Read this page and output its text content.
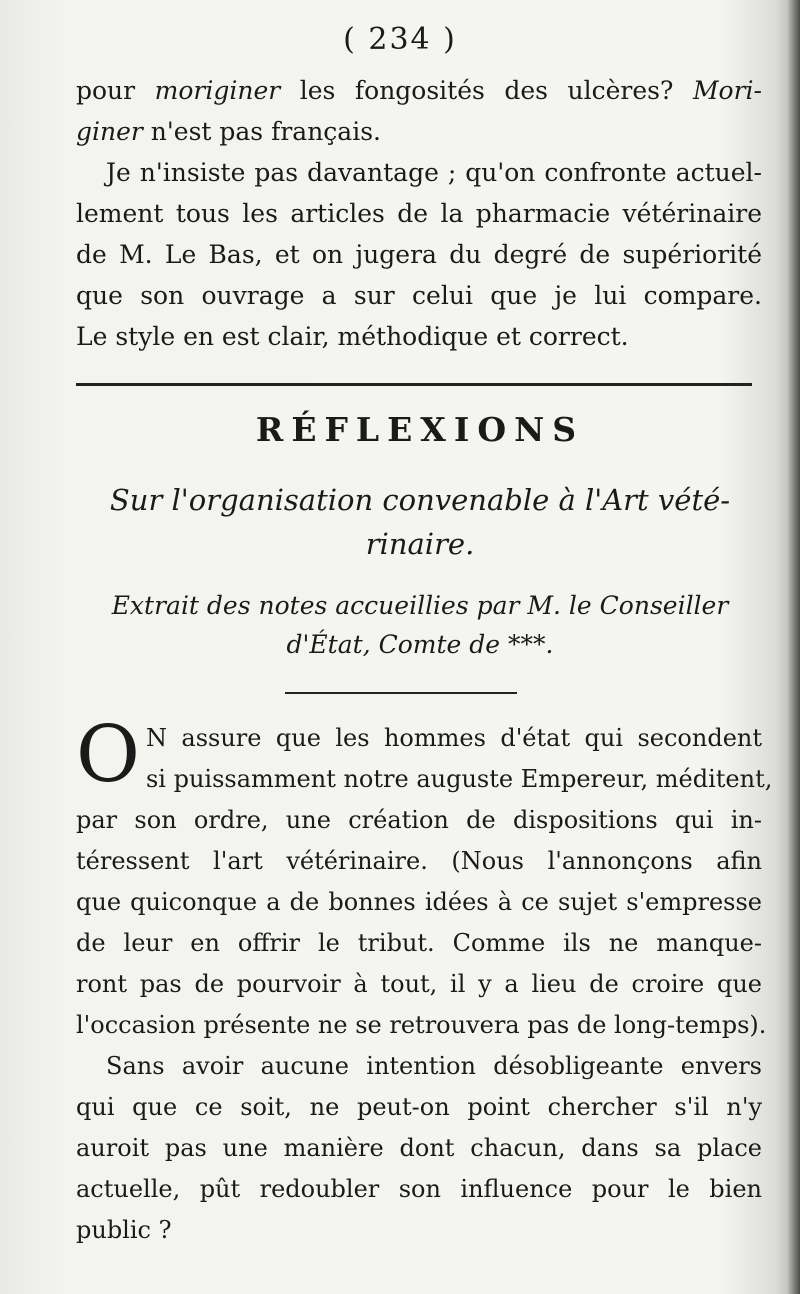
( 234 )
pour moriginer les fongosités des ulcères? Mori-
giner n'est pas français.
Je n'insiste pas davantage ; qu'on confronte actuel-
lement tous les articles de la pharmacie vétérinaire
de M. Le Bas, et on jugera du degré de supériorité
que son ouvrage a sur celui que je lui compare.
Le style en est clair, méthodique et correct.
RÉFLEXIONS
Sur l'organisation convenable à l'Art vété-
rinaire.
Extrait des notes accueillies par M. le Conseiller
d'État, Comte de ***.
O N assure que les hommes d'état qui secondent
si puissamment notre auguste Empereur, méditent,
par son ordre, une création de dispositions qui in-
téressent l'art vétérinaire. (Nous l'annonçons afin
que quiconque a de bonnes idées à ce sujet s'empresse
de leur en offrir le tribut. Comme ils ne manque-
ront pas de pourvoir à tout, il y a lieu de croire que
l'occasion présente ne se retrouvera pas de long-temps).
Sans avoir aucune intention désobligeante envers
qui que ce soit, ne peut-on point chercher s'il n'y
auroit pas une manière dont chacun, dans sa place
actuelle, pût redoubler son influence pour le bien
public ?
